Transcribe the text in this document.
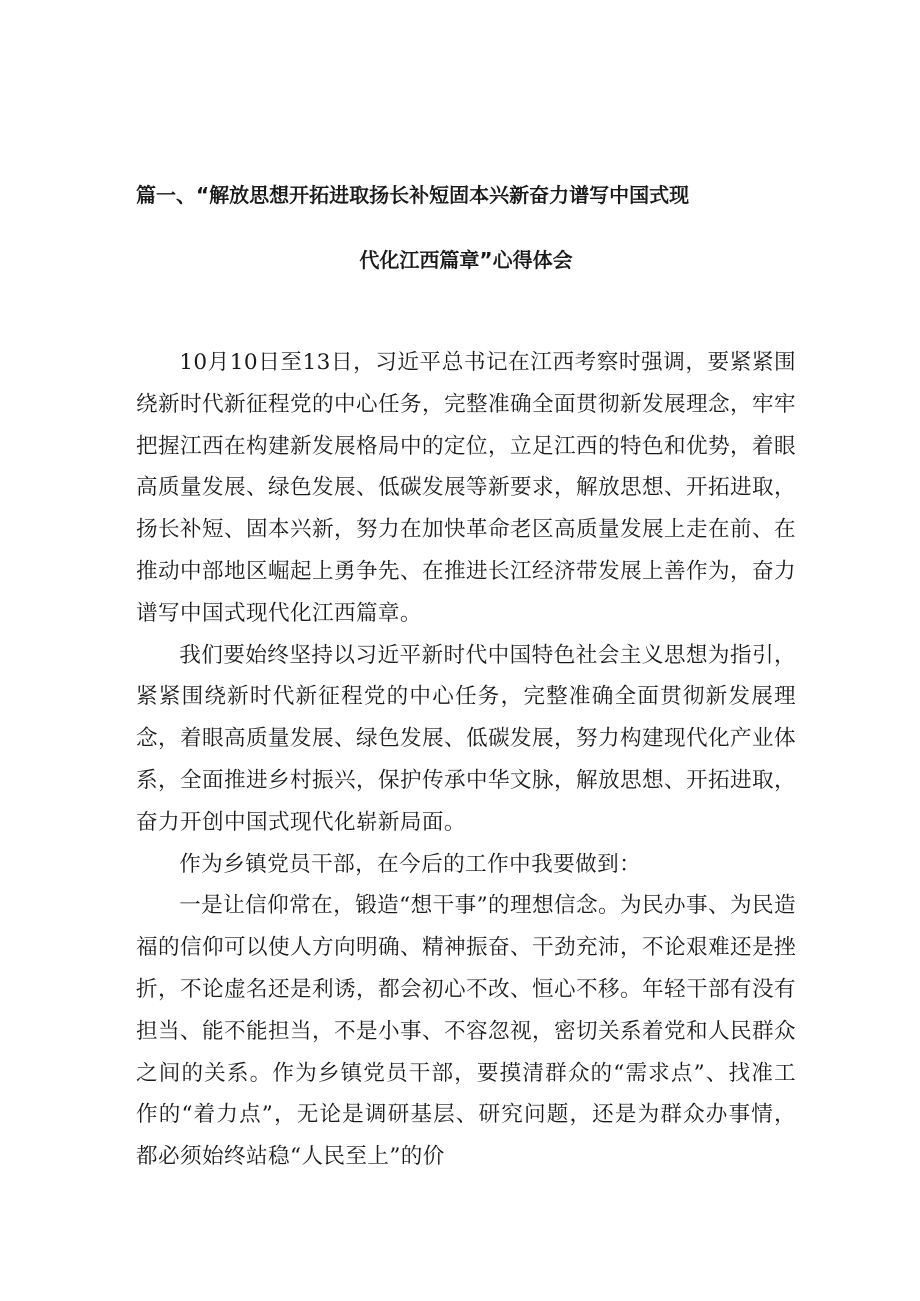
篇一、“解放思想开拓进取扬长补短固本兴新奋力谱写中国式现
代化江西篇章”心得体会

10月10日至13日，习近平总书记在江西考察时强调，要紧紧围绕新时代新征程党的中心任务，完整准确全面贯彻新发展理念，牢牢把握江西在构建新发展格局中的定位，立足江西的特色和优势，着眼高质量发展、绿色发展、低碳发展等新要求，解放思想、开拓进取，扬长补短、固本兴新，努力在加快革命老区高质量发展上走在前、在推动中部地区崛起上勇争先、在推进长江经济带发展上善作为，奋力谱写中国式现代化江西篇章。

我们要始终坚持以习近平新时代中国特色社会主义思想为指引，紧紧围绕新时代新征程党的中心任务，完整准确全面贯彻新发展理念，着眼高质量发展、绿色发展、低碳发展，努力构建现代化产业体系，全面推进乡村振兴，保护传承中华文脉，解放思想、开拓进取，奋力开创中国式现代化崭新局面。

作为乡镇党员干部，在今后的工作中我要做到：

一是让信仰常在，锻造“想干事”的理想信念。为民办事、为民造福的信仰可以使人方向明确、精神振奋、干劲充沛，不论艰难还是挫折，不论虚名还是利诱，都会初心不改、恒心不移。年轻干部有没有担当、能不能担当，不是小事、不容忽视，密切关系着党和人民群众之间的关系。作为乡镇党员干部，要摸清群众的“需求点”、找准工作的“着力点”，无论是调研基层、研究问题，还是为群众办事情，都必须始终站稳“人民至上”的价
